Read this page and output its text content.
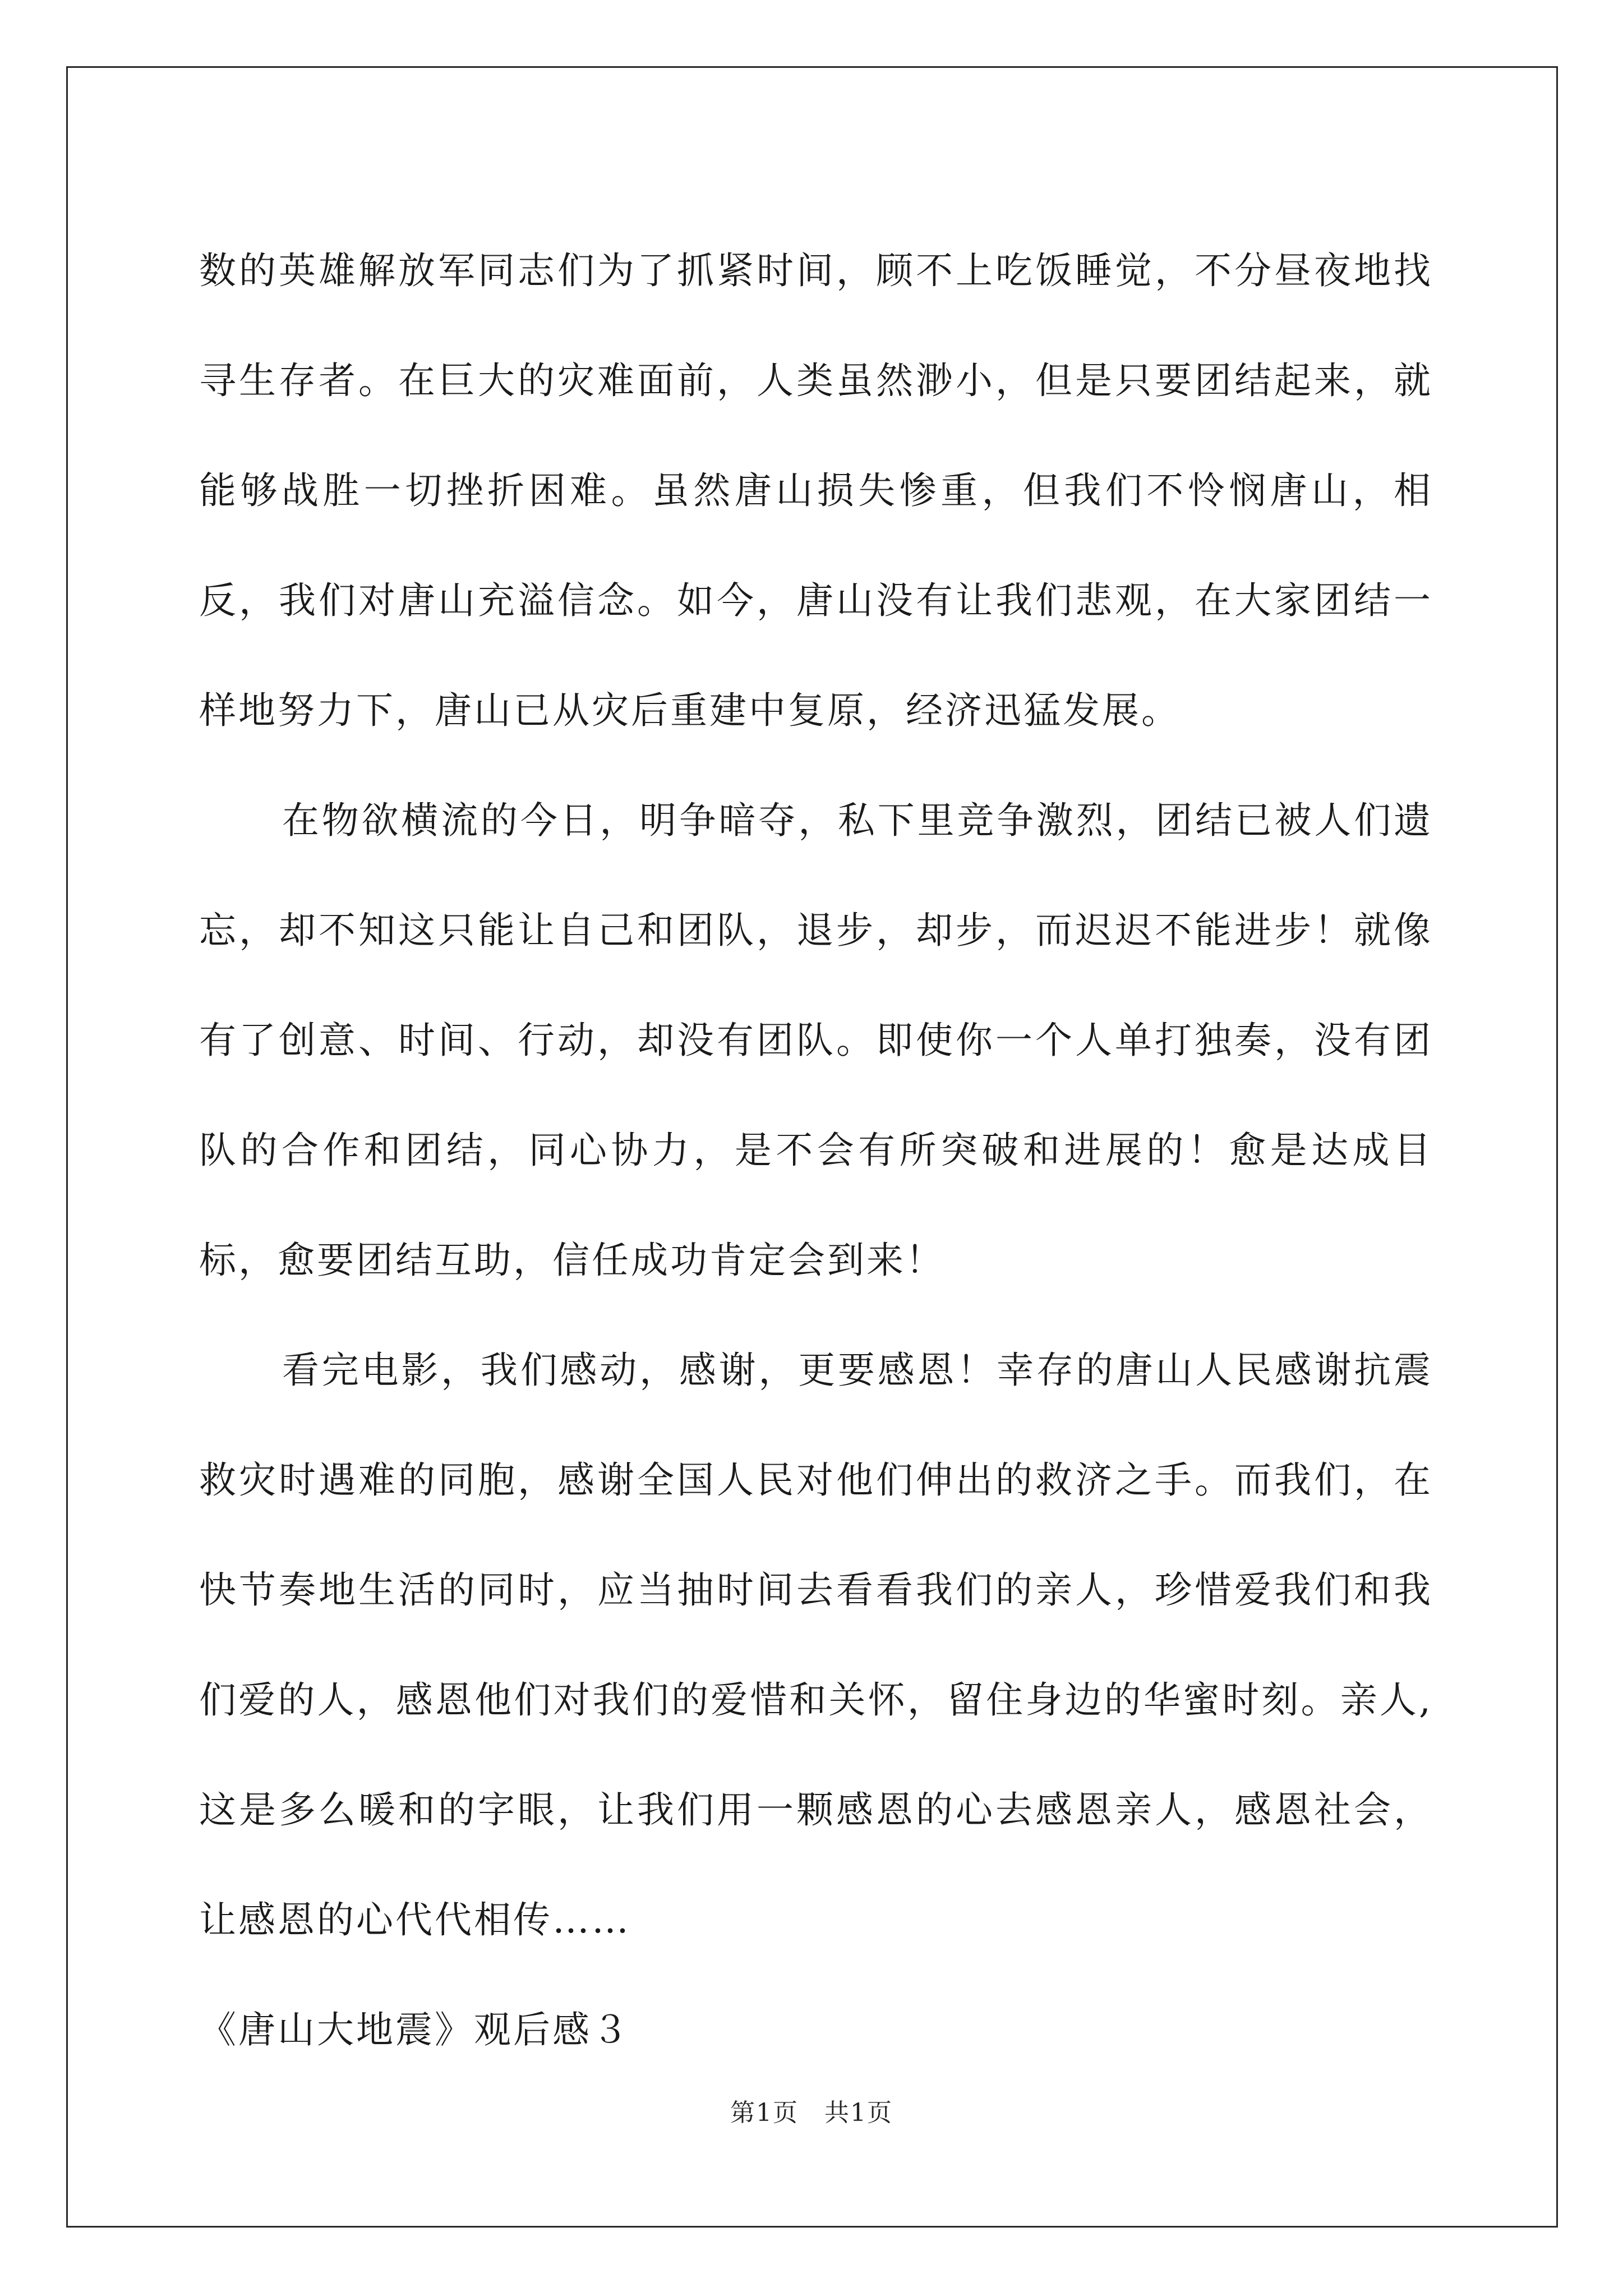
数的英雄解放军同志们为了抓紧时间，顾不上吃饭睡觉，不分昼夜地找寻生存者。在巨大的灾难面前，人类虽然渺小，但是只要团结起来，就能够战胜一切挫折困难。虽然唐山损失惨重，但我们不怜悯唐山，相反，我们对唐山充溢信念。如今，唐山没有让我们悲观，在大家团结一样地努力下，唐山已从灾后重建中复原，经济迅猛发展。

在物欲横流的今日，明争暗夺，私下里竞争激烈，团结已被人们遗忘，却不知这只能让自己和团队，退步，却步，而迟迟不能进步！就像有了创意、时间、行动，却没有团队。即使你一个人单打独奏，没有团队的合作和团结，同心协力，是不会有所突破和进展的！愈是达成目标，愈要团结互助，信任成功肯定会到来！

看完电影，我们感动，感谢，更要感恩！幸存的唐山人民感谢抗震救灾时遇难的同胞，感谢全国人民对他们伸出的救济之手。而我们，在快节奏地生活的同时，应当抽时间去看看我们的亲人，珍惜爱我们和我们爱的人，感恩他们对我们的爱惜和关怀，留住身边的华蜜时刻。亲人,这是多么暖和的字眼，让我们用一颗感恩的心去感恩亲人，感恩社会，让感恩的心代代相传……

《唐山大地震》观后感３

第1页　共1页
